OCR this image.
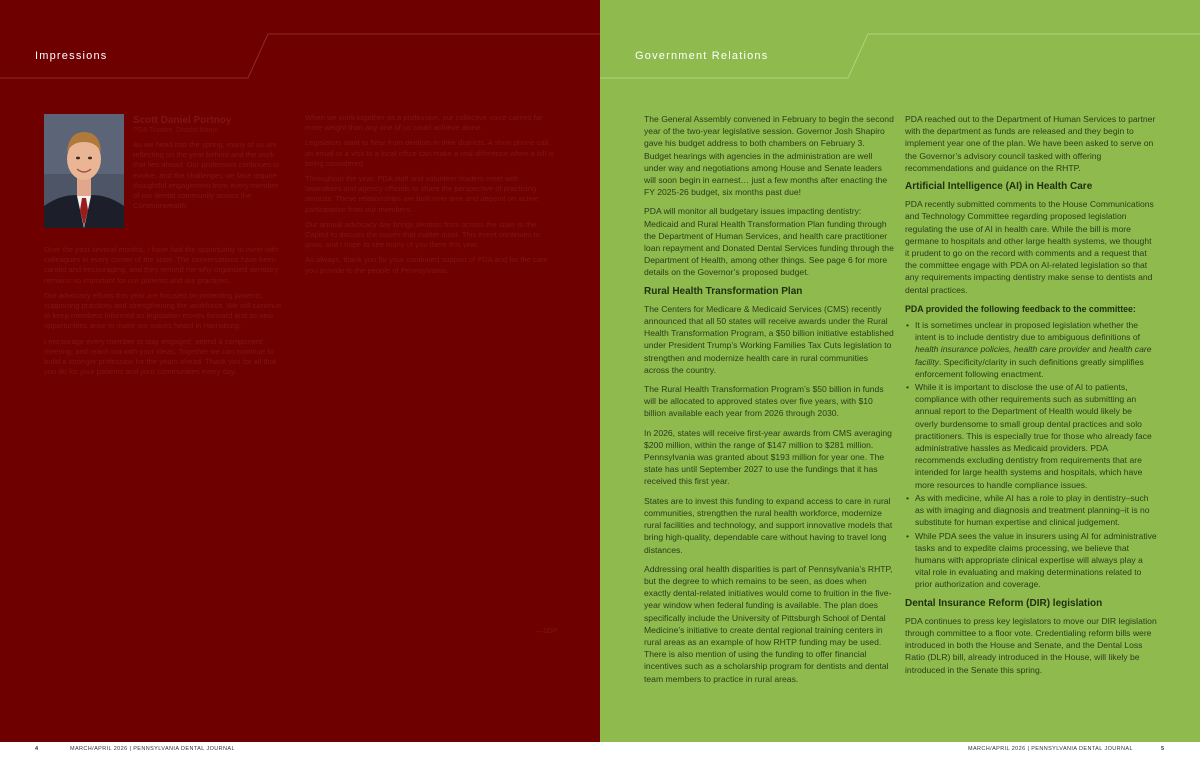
Impressions
Scott Daniel Portnoy
PDA Trustee, District Name

As we head into the spring, many of us are reflecting on the year behind and the work that lies ahead. Our profession continues to evolve, and the challenges we face require thoughtful engagement from every member of our dental community across the Commonwealth.

Over the past several months, I have had the opportunity to meet with colleagues in every corner of the state. The conversations have been candid and encouraging, and they remind me why organized dentistry remains so important for our patients and our practices.

Our advocacy efforts this year are focused on protecting patients, supporting practices and strengthening the workforce. We will continue to keep members informed as legislation moves forward and as new opportunities arise to make our voices heard in Harrisburg.

I encourage every member to stay engaged, attend a component meeting, and reach out with your ideas. Together we can continue to build a stronger profession for the years ahead. Thank you for all that you do for your patients and your communities every day.

When we work together as a profession, our collective voice carries far more weight than any one of us could achieve alone.

Legislators want to hear from dentists in their districts. A short phone call, an email or a visit to a local office can make a real difference when a bill is being considered.

Throughout the year, PDA staff and volunteer leaders meet with lawmakers and agency officials to share the perspective of practicing dentists. These relationships are built over time and depend on active participation from our members.

Our annual advocacy day brings dentists from across the state to the Capitol to discuss the issues that matter most. This event continues to grow, and I hope to see many of you there this year.

As always, thank you for your continued support of PDA and for the care you provide to the people of Pennsylvania.

—SDP
Government Relations

The General Assembly convened in February to begin the second year of the two-year legislative session. Governor Josh Shapiro gave his budget address to both chambers on February 3. Budget hearings with agencies in the administration are well under way and negotiations among House and Senate leaders will soon begin in earnest… just a few months after enacting the FY 2025-26 budget, six months past due!

PDA will monitor all budgetary issues impacting dentistry: Medicaid and Rural Health Transformation Plan funding through the Department of Human Services, and health care practitioner loan repayment and Donated Dental Services funding through the Department of Health, among other things. See page 6 for more details on the Governor’s proposed budget.

Rural Health Transformation Plan

The Centers for Medicare & Medicaid Services (CMS) recently announced that all 50 states will receive awards under the Rural Health Transformation Program, a $50 billion initiative established under President Trump’s Working Families Tax Cuts legislation to strengthen and modernize health care in rural communities across the country.

The Rural Health Transformation Program’s $50 billion in funds will be allocated to approved states over five years, with $10 billion available each year from 2026 through 2030.

In 2026, states will receive first-year awards from CMS averaging $200 million, within the range of $147 million to $281 million. Pennsylvania was granted about $193 million for year one. The state has until September 2027 to use the fundings that it has received this first year.

States are to invest this funding to expand access to care in rural communities, strengthen the rural health workforce, modernize rural facilities and technology, and support innovative models that bring high-quality, dependable care without having to travel long distances.

Addressing oral health disparities is part of Pennsylvania’s RHTP, but the degree to which remains to be seen, as does when exactly dental-related initiatives would come to fruition in the five-year window when federal funding is available. The plan does specifically include the University of Pittsburgh School of Dental Medicine’s initiative to create dental regional training centers in rural areas as an example of how RHTP funding may be used. There is also mention of using the funding to offer financial incentives such as a scholarship program for dentists and dental team members to practice in rural areas.

PDA reached out to the Department of Human Services to partner with the department as funds are released and they begin to implement year one of the plan. We have been asked to serve on the Governor’s advisory council tasked with offering recommendations and guidance on the RHTP.

Artificial Intelligence (AI) in Health Care

PDA recently submitted comments to the House Communications and Technology Committee regarding proposed legislation regulating the use of AI in health care. While the bill is more germane to hospitals and other large health systems, we thought it prudent to go on the record with comments and a request that the committee engage with PDA on AI-related legislation so that any requirements impacting dentistry make sense to dentists and dental practices.

PDA provided the following feedback to the committee:
• It is sometimes unclear in proposed legislation whether the intent is to include dentistry due to ambiguous definitions of health insurance policies, health care provider and health care facility. Specificity/clarity in such definitions greatly simplifies enforcement following enactment.
• While it is important to disclose the use of AI to patients, compliance with other requirements such as submitting an annual report to the Department of Health would likely be overly burdensome to small group dental practices and solo practitioners. This is especially true for those who already face administrative hassles as Medicaid providers. PDA recommends excluding dentistry from requirements that are intended for large health systems and hospitals, which have more resources to handle compliance issues.
• As with medicine, while AI has a role to play in dentistry–such as with imaging and diagnosis and treatment planning–it is no substitute for human expertise and clinical judgement.
• While PDA sees the value in insurers using AI for administrative tasks and to expedite claims processing, we believe that humans with appropriate clinical expertise will always play a vital role in evaluating and making determinations related to prior authorization and coverage.
Dental Insurance Reform (DIR) legislation

PDA continues to press key legislators to move our DIR legislation through committee to a floor vote. Credentialing reform bills were introduced in both the House and Senate, and the Dental Loss Ratio (DLR) bill, already introduced in the House, will likely be introduced in the Senate this spring.

4	MARCH/APRIL 2026 | PENNSYLVANIA DENTAL JOURNAL	MARCH/APRIL 2026 | PENNSYLVANIA DENTAL JOURNAL	5
